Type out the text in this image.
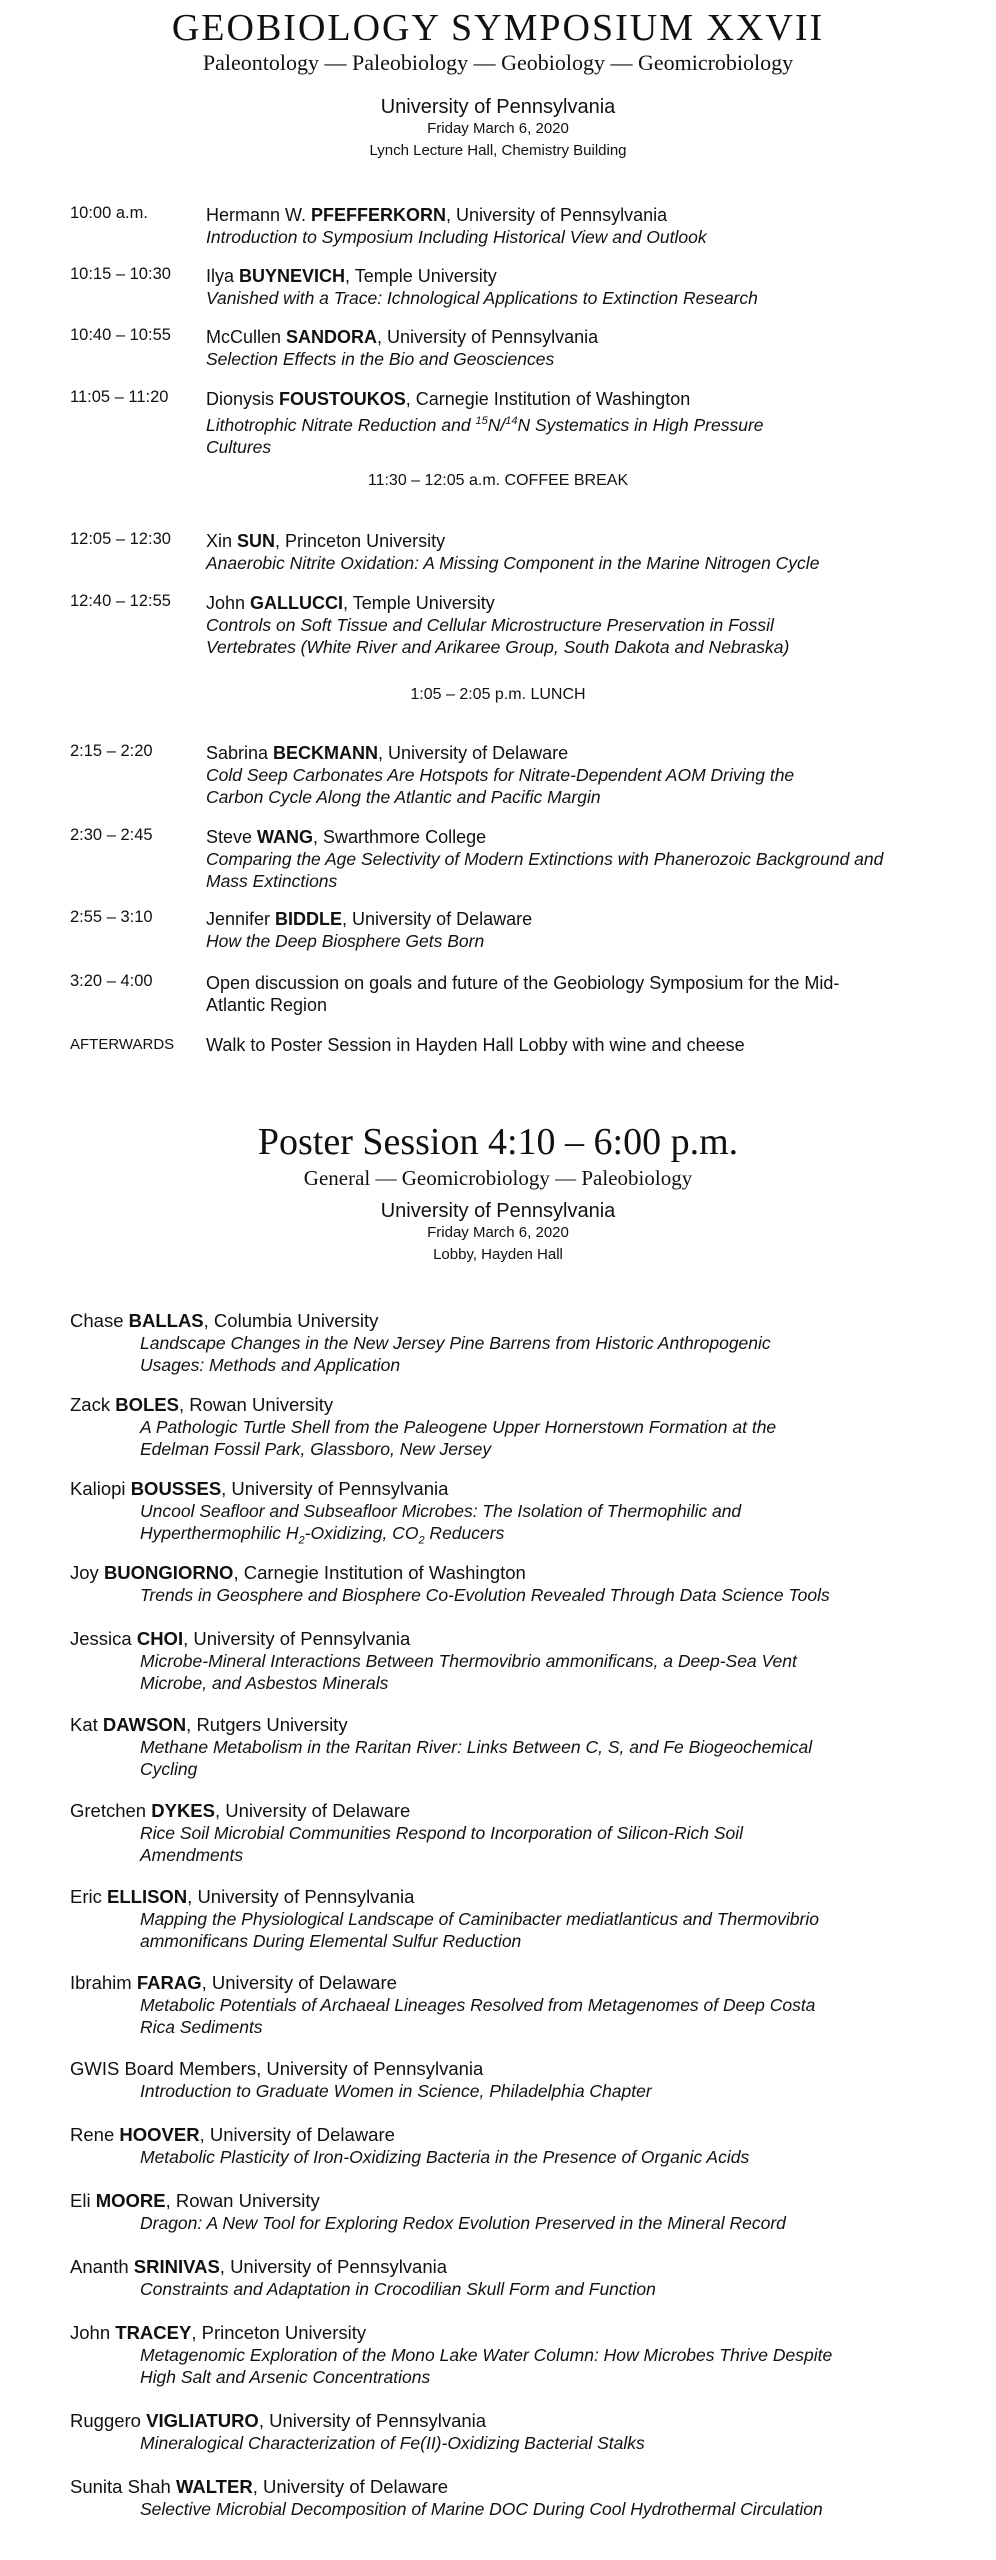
GEOBIOLOGY SYMPOSIUM XXVII
Paleontology — Paleobiology — Geobiology — Geomicrobiology
University of Pennsylvania
Friday March 6, 2020
Lynch Lecture Hall, Chemistry Building
10:00 a.m.	Hermann W. PFEFFERKORN, University of Pennsylvania
Introduction to Symposium Including Historical View and Outlook
10:15 – 10:30 Ilya BUYNEVICH, Temple University
Vanished with a Trace: Ichnological Applications to Extinction Research
10:40 – 10:55 McCullen SANDORA, University of Pennsylvania
Selection Effects in the Bio and Geosciences
11:05 – 11:20 Dionysis FOUSTOUKOS, Carnegie Institution of Washington
Lithotrophic Nitrate Reduction and $^{15}$N/$^{14}$N Systematics in High Pressure
Cultures
11:30 – 12:05 a.m. COFFEE BREAK
12:05 – 12:30 Xin SUN, Princeton University
Anaerobic Nitrite Oxidation: A Missing Component in the Marine Nitrogen Cycle
12:40 – 12:55 John GALLUCCI, Temple University
Controls on Soft Tissue and Cellular Microstructure Preservation in Fossil
Vertebrates (White River and Arikaree Group, South Dakota and Nebraska)
1:05 – 2:05 p.m. LUNCH
2:15 – 2:20	Sabrina BECKMANN, University of Delaware
Cold Seep Carbonates Are Hotspots for Nitrate-Dependent AOM Driving the
Carbon Cycle Along the Atlantic and Pacific Margin
2:30 – 2:45	Steve WANG, Swarthmore College
Comparing the Age Selectivity of Modern Extinctions with Phanerozoic Background and
Mass Extinctions
2:55 – 3:10	Jennifer BIDDLE, University of Delaware
How the Deep Biosphere Gets Born
3:20 – 4:00	Open discussion on goals and future of the Geobiology Symposium for the Mid-
Atlantic Region
AFTERWARDS Walk to Poster Session in Hayden Hall Lobby with wine and cheese
Poster Session 4:10 – 6:00 p.m.
General — Geomicrobiology — Paleobiology
University of Pennsylvania
Friday March 6, 2020
Lobby, Hayden Hall
Chase BALLAS, Columbia University
Landscape Changes in the New Jersey Pine Barrens from Historic Anthropogenic
Usages: Methods and Application
Zack BOLES, Rowan University
A Pathologic Turtle Shell from the Paleogene Upper Hornerstown Formation at the
Edelman Fossil Park, Glassboro, New Jersey
Kaliopi BOUSSES, University of Pennsylvania
Uncool Seafloor and Subseafloor Microbes: The Isolation of Thermophilic and
Hyperthermophilic $H_2$-Oxidizing, $CO_2$ Reducers
Joy BUONGIORNO, Carnegie Institution of Washington
Trends in Geosphere and Biosphere Co-Evolution Revealed Through Data Science Tools
Jessica CHOI, University of Pennsylvania
Microbe-Mineral Interactions Between Thermovibrio ammonificans, a Deep-Sea Vent
Microbe, and Asbestos Minerals
Kat DAWSON, Rutgers University
Methane Metabolism in the Raritan River: Links Between C, S, and Fe Biogeochemical
Cycling
Gretchen DYKES, University of Delaware
Rice Soil Microbial Communities Respond to Incorporation of Silicon-Rich Soil
Amendments
Eric ELLISON, University of Pennsylvania
Mapping the Physiological Landscape of Caminibacter mediatlanticus and Thermovibrio
ammonificans During Elemental Sulfur Reduction
Ibrahim FARAG, University of Delaware
Metabolic Potentials of Archaeal Lineages Resolved from Metagenomes of Deep Costa
Rica Sediments
GWIS Board Members, University of Pennsylvania
Introduction to Graduate Women in Science, Philadelphia Chapter
Rene HOOVER, University of Delaware
Metabolic Plasticity of Iron-Oxidizing Bacteria in the Presence of Organic Acids
Eli MOORE, Rowan University
Dragon: A New Tool for Exploring Redox Evolution Preserved in the Mineral Record
Ananth SRINIVAS, University of Pennsylvania
Constraints and Adaptation in Crocodilian Skull Form and Function
John TRACEY, Princeton University
Metagenomic Exploration of the Mono Lake Water Column: How Microbes Thrive Despite
High Salt and Arsenic Concentrations
Ruggero VIGLIATURO, University of Pennsylvania
Mineralogical Characterization of Fe(II)-Oxidizing Bacterial Stalks
Sunita Shah WALTER, University of Delaware
Selective Microbial Decomposition of Marine DOC During Cool Hydrothermal Circulation
